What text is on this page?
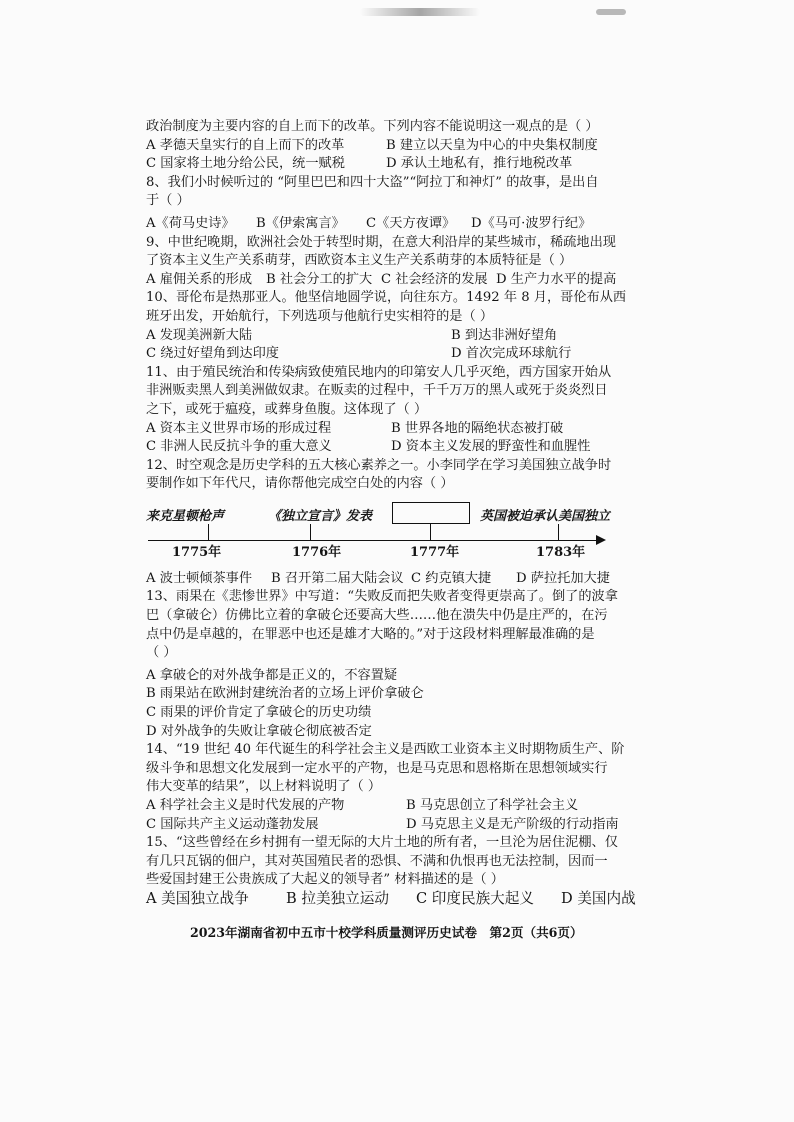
政治制度为主要内容的自上而下的改革。下列内容不能说明这一观点的是（ ）
A 孝德天皇实行的自上而下的改革	B 建立以天皇为中心的中央集权制度
C 国家将土地分给公民，统一赋税	D 承认土地私有，推行地税改革
8、我们小时候听过的 “阿里巴巴和四十大盗”“阿拉丁和神灯” 的故事，是出自
于（ ）
A《荷马史诗》	B《伊索寓言》	C《天方夜谭》	D《马可·波罗行纪》
9、中世纪晚期，欧洲社会处于转型时期，在意大利沿岸的某些城市，稀疏地出现
了资本主义生产关系萌芽，西欧资本主义生产关系萌芽的本质特征是（ ）
A 雇佣关系的形成	B 社会分工的扩大 C 社会经济的发展 D 生产力水平的提高
10、哥伦布是热那亚人。他坚信地圆学说，向往东方。1492 年 8 月，哥伦布从西
班牙出发，开始航行，下列选项与他航行史实相符的是（ ）
A 发现美洲新大陆	B 到达非洲好望角
C 绕过好望角到达印度	D 首次完成环球航行
11、由于殖民统治和传染病致使殖民地内的印第安人几乎灭绝，西方国家开始从
非洲贩卖黑人到美洲做奴隶。在贩卖的过程中，千千万万的黑人或死于炎炎烈日
之下，或死于瘟疫，或葬身鱼腹。这体现了（ ）
A 资本主义世界市场的形成过程	B 世界各地的隔绝状态被打破
C 非洲人民反抗斗争的重大意义	D 资本主义发展的野蛮性和血腥性
12、时空观念是历史学科的五大核心素养之一。小李同学在学习美国独立战争时
要制作如下年代尺，请你帮他完成空白处的内容（ ）
来克星顿枪声	《独立宣言》发表	英国被迫承认美国独立
1775年	1776年	1777年	1783年
A 波士顿倾茶事件	B 召开第二届大陆会议 C 约克镇大捷	D 萨拉托加大捷
13、雨果在《悲惨世界》中写道：“失败反而把失败者变得更崇高了。倒了的波拿
巴（拿破仑）仿佛比立着的拿破仑还要高大些……他在溃失中仍是庄严的，在污
点中仍是卓越的，在罪恶中也还是雄才大略的。”对于这段材料理解最准确的是
（ ）
A 拿破仑的对外战争都是正义的，不容置疑
B 雨果站在欧洲封建统治者的立场上评价拿破仑
C 雨果的评价肯定了拿破仑的历史功绩
D 对外战争的失败让拿破仑彻底被否定
14、“19 世纪 40 年代诞生的科学社会主义是西欧工业资本主义时期物质生产、阶
级斗争和思想文化发展到一定水平的产物，也是马克思和恩格斯在思想领域实行
伟大变革的结果”，以上材料说明了（ ）
A 科学社会主义是时代发展的产物	B 马克思创立了科学社会主义
C 国际共产主义运动蓬勃发展	D 马克思主义是无产阶级的行动指南
15、“这些曾经在乡村拥有一望无际的大片土地的所有者，一旦沦为居住泥棚、仅
有几只瓦锅的佃户，其对英国殖民者的恐惧、不满和仇恨再也无法控制，因而一
些爱国封建王公贵族成了大起义的领导者” 材料描述的是（ ）
A 美国独立战争	B 拉美独立运动	C 印度民族大起义	D 美国内战
2023年湖南省初中五市十校学科质量测评历史试卷　第2页（共6页）
